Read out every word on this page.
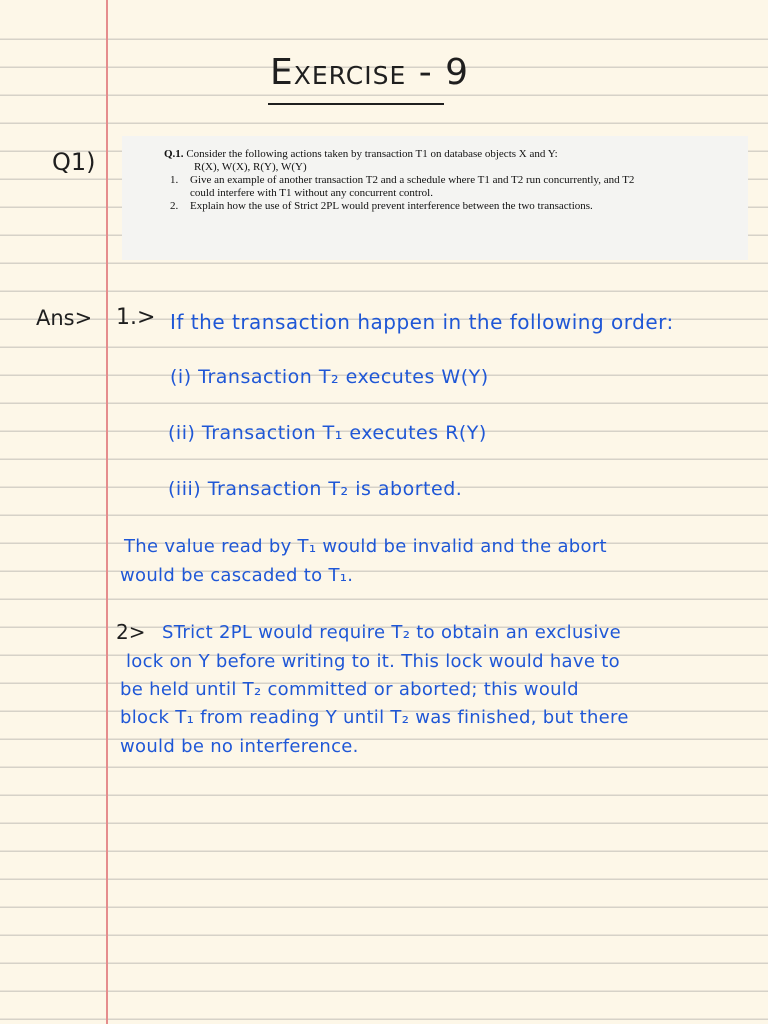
Exercise - 9
Q1)	Q.1. Consider the following actions taken by transaction T1 on database objects X and Y:
R(X), W(X), R(Y), W(Y)
1. Give an example of another transaction T2 and a schedule where T1 and T2 run concurrently, and T2
could interfere with T1 without any concurrent control.
2. Explain how the use of Strict 2PL would prevent interference between the two transactions.
Ans> 1.> If the transaction happen in the following order:
(i) Transaction T₂ executes W(Y)
(ii) Transaction T₁ executes R(Y)
(iii) Transaction T₂ is aborted.
The value read by T₁ would be invalid and the abort
would be cascaded to T₁.
2> STrict 2PL would require T₂ to obtain an exclusive
lock on Y before writing to it. This lock would have to
be held until T₂ committed or aborted; this would
block T₁ from reading Y until T₂ was finished, but there
would be no interference.
